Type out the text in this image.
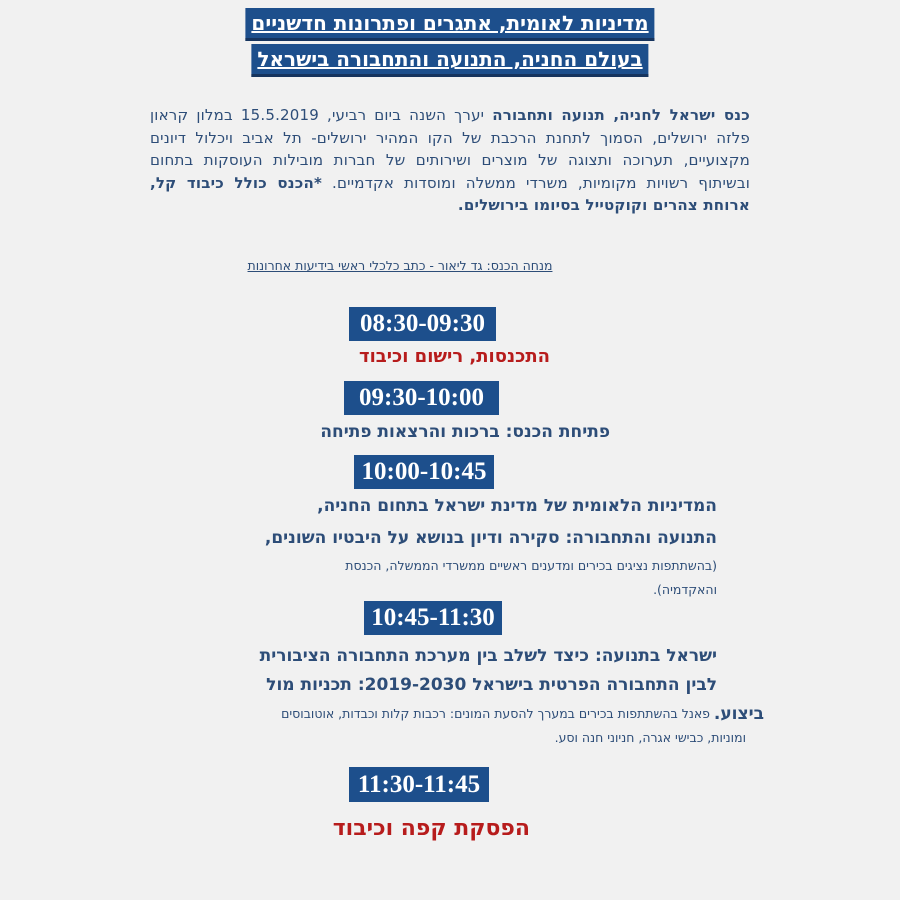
מדיניות לאומית, אתגרים ופתרונות חדשניים
בעולם החניה, התנועה והתחבורה בישראל
כנס ישראל לחניה, תנועה ותחבורה יערך השנה ביום רביעי, 15.5.2019 במלון קראון פלזה ירושלים, הסמוך לתחנת הרכבת של הקו המהיר ירושלים- תל אביב ויכלול דיונים מקצועיים, תערוכה ותצוגה של מוצרים ושירותים של חברות מובילות העוסקות בתחום ובשיתוף רשויות מקומיות, משרדי ממשלה ומוסדות אקדמיים. *הכנס כולל כיבוד קל, ארוחת צהרים וקוקטייל בסיומו בירושלים.
מנחה הכנס: גד ליאור - כתב כלכלי ראשי בידיעות אחרונות
08:30-09:30
התכנסות, רישום וכיבוד
09:30-10:00
פתיחת הכנס: ברכות והרצאות פתיחה
10:00-10:45
המדיניות הלאומית של מדינת ישראל בתחום החניה,
התנועה והתחבורה: סקירה ודיון בנושא על היבטיו השונים,
(בהשתתפות נציגים בכירים ומדענים ראשיים ממשרדי הממשלה, הכנסת
והאקדמיה).
10:45-11:30
ישראל בתנועה: כיצד לשלב בין מערכת התחבורה הציבורית
לבין התחבורה הפרטית בישראל 2019-2030: תכניות מול
ביצוע.
פאנל בהשתתפות בכירים במערך להסעת המונים: רכבות קלות וכבדות, אוטובוסים
ומוניות, כבישי אגרה, חניוני חנה וסע.
11:30-11:45
הפסקת קפה וכיבוד
